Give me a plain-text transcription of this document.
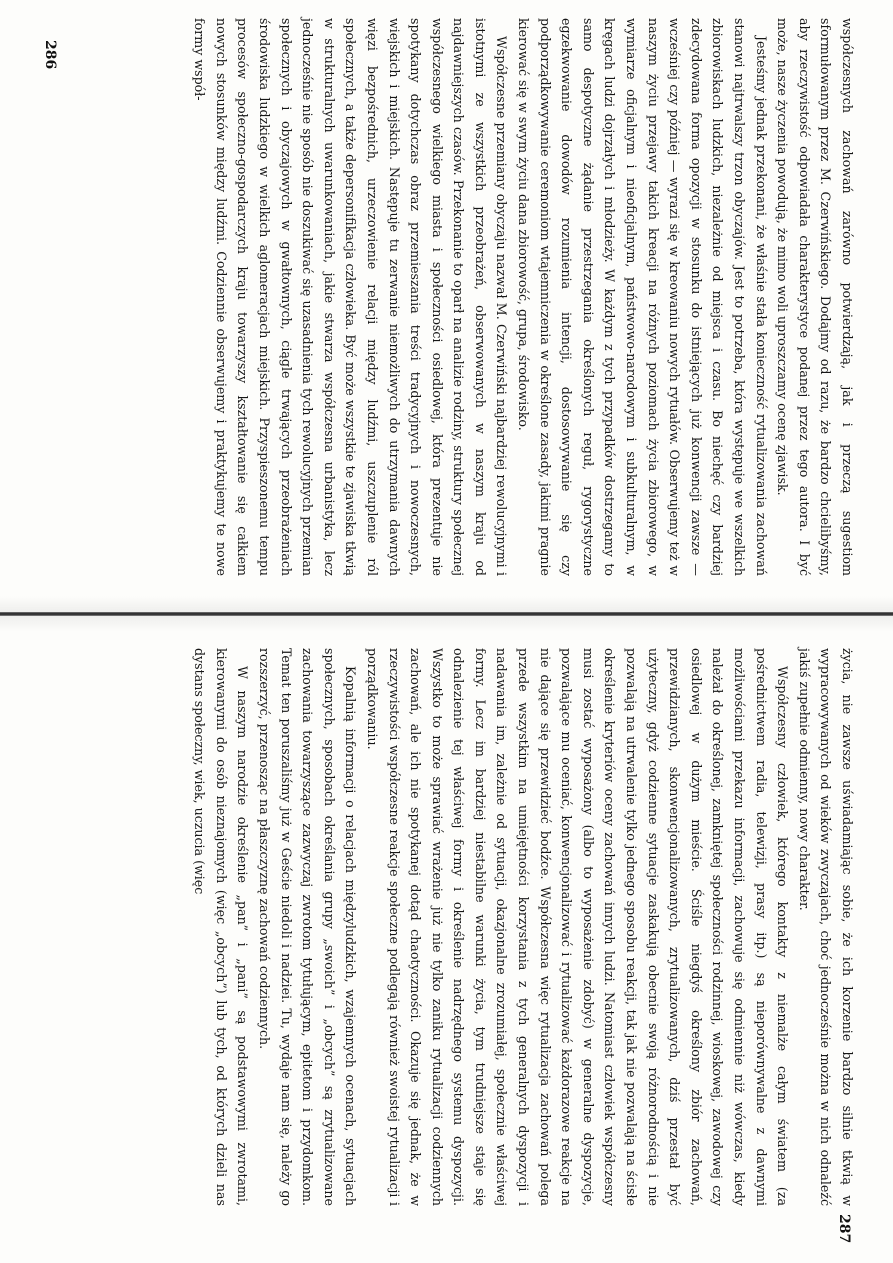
współczesnych zachowań zarówno potwierdzają, jak i przeczą sugestiom sformułowanym przez M. Czerwińskiego. Dodajmy od razu, że bardzo chcielibyśmy, aby rzeczywistość odpowiadała charakterystyce podanej przez tego autora. I być może, nasze życzenia powodują, że mimo woli uproszczamy ocenę zjawisk.

Jesteśmy jednak przekonani, że właśnie stała konieczność rytualizowania zachowań stanowi najtrwalszy trzon obyczajów. Jest to potrzeba, która występuje we wszelkich zbiorowiskach ludzkich, niezależnie od miejsca i czasu. Bo niechęć czy bardziej zdecydowana forma opozycji w stosunku do istniejących już konwencji zawsze — wcześniej czy później — wyrazi się w kreowaniu nowych rytuałów. Obserwujemy też w naszym życiu przejawy takich kreacji na różnych poziomach życia zbiorowego, w wymiarze oficjalnym i nieoficjalnym, państwowo-narodowym i subkulturalnym, w kręgach ludzi dojrzałych i młodzieży. W każdym z tych przypadków dostrzegamy to samo despotyczne żądanie przestrzegania określonych reguł, rygorystyczne egzekwowanie dowodów rozumienia intencji, dostosowywanie się czy podporządkowywanie ceremoniom wtajemniczenia w określone zasady, jakimi pragnie kierować się w swym życiu dana zbiorowość, grupa, środowisko.

Współczesne przemiany obyczaju nazwał M. Czerwiński najbardziej rewolucyjnymi i istotnymi ze wszystkich przeobrażeń, obserwowanych w naszym kraju od najdawniejszych czasów. Przekonanie to oparł na analizie rodziny, struktury społecznej współczesnego wielkiego miasta i społeczności osiedlowej, która prezentuje nie spotykany dotychczas obraz przemieszania treści tradycyjnych i nowoczesnych, wiejskich i miejskich. Następuje tu zerwanie niemożliwych do utrzymania dawnych więzi bezpośrednich, urzeczowienie relacji między ludźmi, uszczuplenie ról społecznych, a także depersonifikacja człowieka. Być może wszystkie te zjawiska tkwią w strukturalnych uwarunkowaniach, jakie stwarza współczesna urbanistyka, lecz jednocześnie nie sposób nie doszukiwać się uzasadnienia tych rewolucyjnych przemian społecznych i obyczajowych w gwałtownych, ciągle trwających przeobrażeniach środowiska ludzkiego w wielkich aglomeracjach miejskich. Przyspieszonemu tempu procesów społeczno-gospodarczych kraju towarzyszy kształtowanie się całkiem nowych stosunków między ludźmi. Codziennie obserwujemy i praktykujemy te nowe formy współ-

życia, nie zawsze uświadamiając sobie, że ich korzenie bardzo silnie tkwią w wypracowywanych od wieków zwyczajach, choć jednocześnie można w nich odnaleźć jakiś zupełnie odmienny, nowy charakter.

Współczesny człowiek, którego kontakty z niemalże całym światem (za pośrednictwem radia, telewizji, prasy itp.) są nieporównywalne z dawnymi możliwościami przekazu informacji, zachowuje się odmiennie niż wówczas, kiedy należał do określonej, zamkniętej społeczności rodzinnej, wioskowej, zawodowej czy osiedlowej w dużym mieście. Ściśle niegdyś określony zbiór zachowań, przewidzianych, skonwencjonalizowanych, zrytualizowanych, dziś przestał być użyteczny, gdyż codzienne sytuacje zaskakują obecnie swoją różnorodnością i nie pozwalają na utrwalenie tylko jednego sposobu reakcji, tak jak nie pozwalają na ścisłe określenie kryteriów oceny zachowań innych ludzi. Natomiast człowiek współczesny musi zostać wyposażony (albo to wyposażenie zdobyć) w generalne dyspozycje, pozwalające mu oceniać, konwencjonalizować i rytualizować każdorazowe reakcje na nie dające się przewidzieć bodźce. Współczesna więc rytualizacja zachowań polega przede wszystkim na umiejętności korzystania z tych generalnych dyspozycji i nadawania im, zależnie od sytuacji, okazjonalne zrozumiałej, społecznie właściwej formy. Lecz im bardziej niestabilne warunki życia, tym trudniejsze staje się odnalezienie tej właściwej formy i określenie nadrzędnego systemu dyspozycji. Wszystko to może sprawiać wrażenie już nie tylko zaniku rytualizacji codziennych zachowań, ale ich nie spotykanej dotąd chaotyczności. Okazuje się jednak, że w rzeczywistości współczesne reakcje społeczne podlegają również swoistej rytualizacji i porządkowaniu.

Kopalnią informacji o relacjach międzyludzkich, wzajemnych ocenach, sytuacjach społecznych, sposobach określania grupy „swoich” i „obcych” są zrytualizowane zachowania towarzyszące zazwyczaj zwrotom tytułującym, epitetom i przydomkom. Temat ten poruszaliśmy już w Geście niedoli i nadziei. Tu, wydaje nam się, należy go rozszerzyć, przenosząc na płaszczyznę zachowań codziennych.

W naszym narodzie określenie „pan” i „pani” są podstawowymi zwrotami, kierowanymi do osób nieznajomych (więc „obcych”) lub tych, od których dzieli nas dystans społeczny, wiek, uczucia (więc

286
287
